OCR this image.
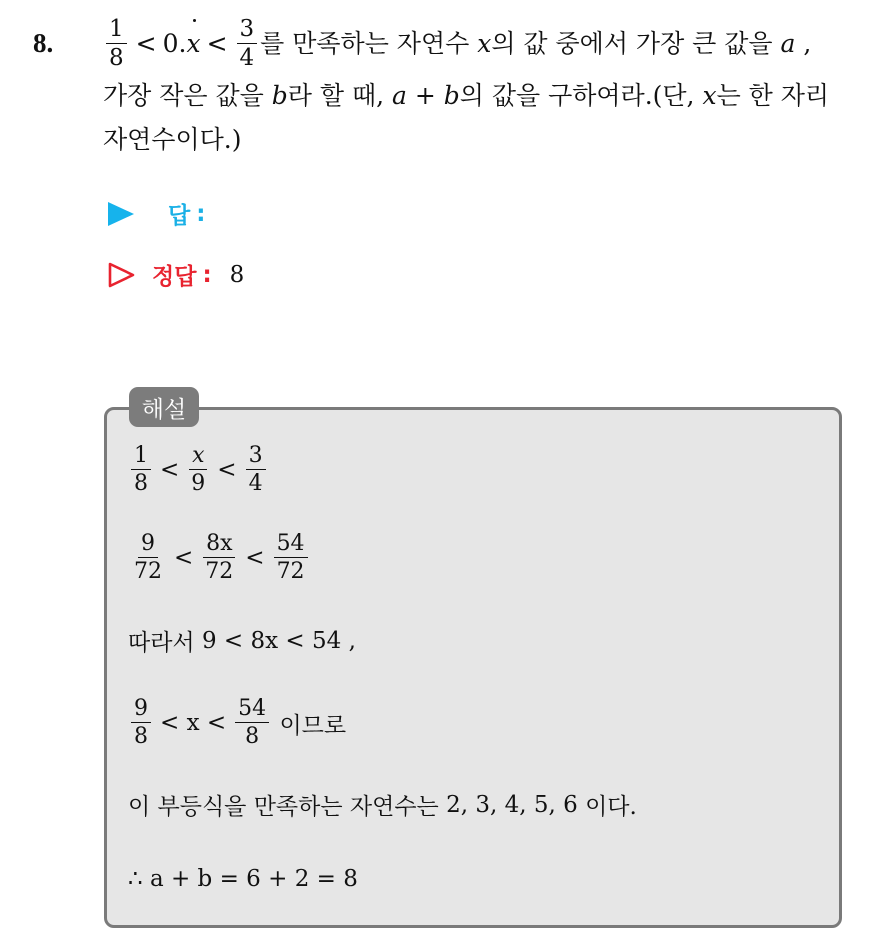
8. $\frac{1}{8} < 0$. $x < \frac{3}{4}$ 를 만족하는 자연수
x 의 값 중에서 가장 큰 값을
a
,
가장 작은 값을 b라 할 때, a + b의 값을 구하여라.(단, x는 한 자리
자연수이다.)
답 :
정답 : 8
해설
$\frac{1}{8} < \frac{x}{9} < \frac{3}{4}$
$\frac{9}{72} < \frac{8x}{72} < \frac{54}{72}$
따라서
9 < 8x < 54 ,
$\frac{9}{8} < x < \frac{54}{8}$
이므로
이 부등식을 만족하는 자연수는
2, 3, 4, 5, 6
이다.
∴ a + b = 6 + 2 = 8
